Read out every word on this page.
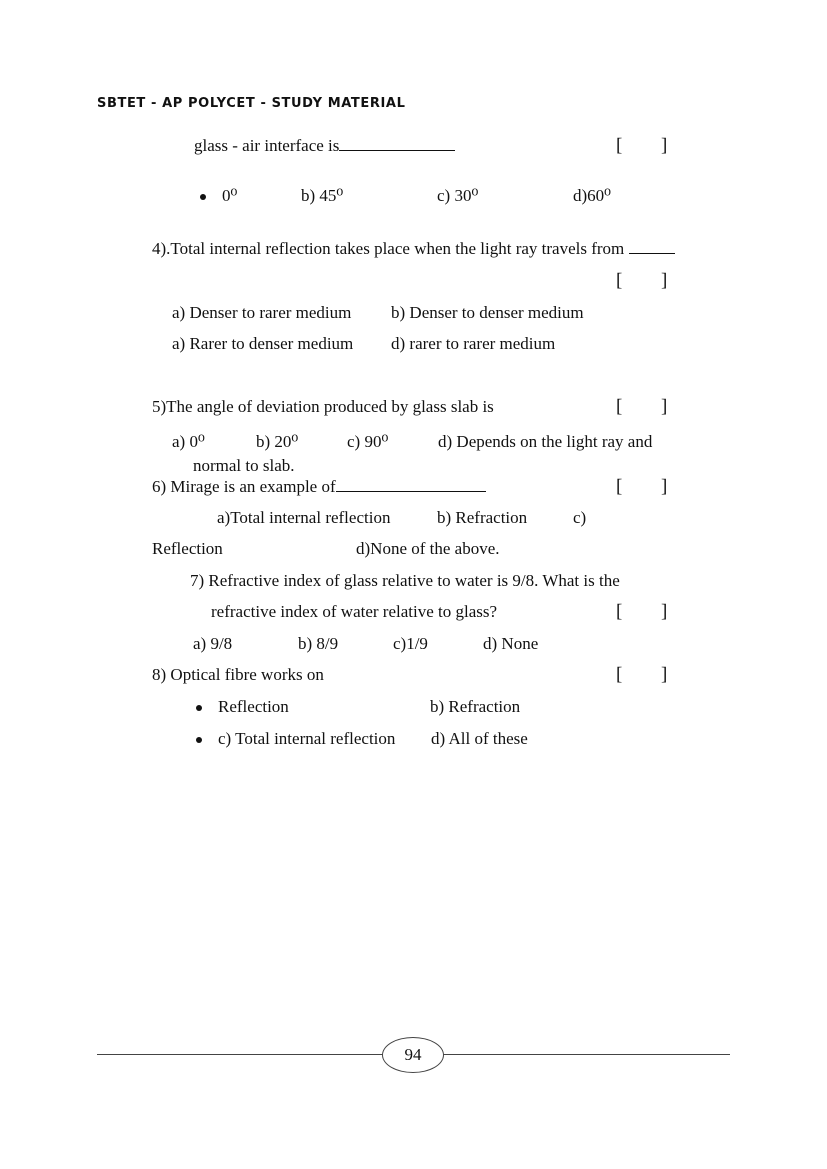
SBTET - AP POLYCET - STUDY MATERIAL
glass - air interface is	[ ]
0⁰	b) 45⁰	c) 30⁰	d)60⁰
4).Total internal reflection takes place when the light ray travels from
[ ]
a) Denser to rarer medium b) Denser to denser medium
a) Rarer to denser medium d) rarer to rarer medium
5)The angle of deviation produced by glass slab is	[ ]
a) 0⁰	b) 20⁰	c) 90⁰	d) Depends on the light ray and
normal to slab.
6) Mirage is an example of	[ ]
a)Total internal reflection	b) Refraction	c)
Reflection	d)None of the above.
7) Refractive index of glass relative to water is 9/8. What is the
refractive index of water relative to glass?	[ ]
a) 9/8	b) 8/9	c)1/9	d) None
8) Optical fibre works on	[ ]
Reflection	b) Refraction
c) Total internal reflection d) All of these
94
